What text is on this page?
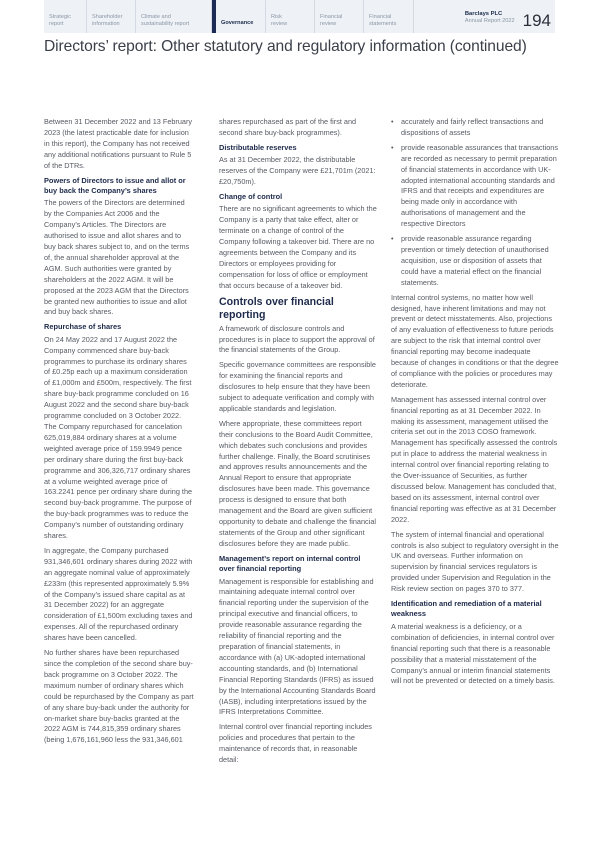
Strategic
report
Shareholder
information
Climate and
sustainability report	Governance
Risk
review
Financial
review
Financial
statements
Barclays PLC
Annual Report 2022 194
Directors’ report: Other statutory and regulatory information (continued)

Between 31 December 2022 and 13 February 2023 (the latest practicable date for inclusion in this report), the Company has not received any additional notifications pursuant to Rule 5 of the DTRs.

Powers of Directors to issue and allot or buy back the Company’s shares

The powers of the Directors are determined by the Companies Act 2006 and the Company’s Articles. The Directors are authorised to issue and allot shares and to buy back shares subject to, and on the terms of, the annual shareholder approval at the AGM. Such authorities were granted by shareholders at the 2022 AGM. It will be proposed at the 2023 AGM that the Directors be granted new authorities to issue and allot and buy back shares.

Repurchase of shares

On 24 May 2022 and 17 August 2022 the Company commenced share buy-back programmes to purchase its ordinary shares of £0.25p each up a maximum consideration of £1,000m and £500m, respectively. The first share buy-back programme concluded on 16 August 2022 and the second share buy-back programme concluded on 3 October 2022. The Company repurchased for cancelation 625,019,884 ordinary shares at a volume weighted average price of 159.9949 pence per ordinary share during the first buy-back programme and 306,326,717 ordinary shares at a volume weighted average price of 163.2241 pence per ordinary share during the second buy-back programme. The purpose of the buy-back programmes was to reduce the Company’s number of outstanding ordinary shares.

In aggregate, the Company purchased 931,346,601 ordinary shares during 2022 with an aggregate nominal value of approximately £233m (this represented approximately 5.9% of the Company’s issued share capital as at 31 December 2022) for an aggregate consideration of £1,500m excluding taxes and expenses. All of the repurchased ordinary shares have been cancelled.

No further shares have been repurchased since the completion of the second share buy-back programme on 3 October 2022. The maximum number of ordinary shares which could be repurchased by the Company as part of any share buy-back under the authority for on-market share buy-backs granted at the 2022 AGM is 744,815,359 ordinary shares (being 1,676,161,960 less the 931,346,601

shares repurchased as part of the first and second share buy-back programmes).

Distributable reserves

As at 31 December 2022, the distributable reserves of the Company were £21,701m (2021: £20,750m).

Change of control

There are no significant agreements to which the Company is a party that take effect, alter or terminate on a change of control of the Company following a takeover bid. There are no agreements between the Company and its Directors or employees providing for compensation for loss of office or employment that occurs because of a takeover bid.

Controls over financial reporting

A framework of disclosure controls and procedures is in place to support the approval of the financial statements of the Group.

Specific governance committees are responsible for examining the financial reports and disclosures to help ensure that they have been subject to adequate verification and comply with applicable standards and legislation.

Where appropriate, these committees report their conclusions to the Board Audit Committee, which debates such conclusions and provides further challenge. Finally, the Board scrutinises and approves results announcements and the Annual Report to ensure that appropriate disclosures have been made. This governance process is designed to ensure that both management and the Board are given sufficient opportunity to debate and challenge the financial statements of the Group and other significant disclosures before they are made public.

Management’s report on internal control over financial reporting

Management is responsible for establishing and maintaining adequate internal control over financial reporting under the supervision of the principal executive and financial officers, to provide reasonable assurance regarding the reliability of financial reporting and the preparation of financial statements, in accordance with (a) UK-adopted international accounting standards, and (b) International Financial Reporting Standards (IFRS) as issued by the International Accounting Standards Board (IASB), including interpretations issued by the IFRS Interpretations Committee.

Internal control over financial reporting includes policies and procedures that pertain to the maintenance of records that, in reasonable detail:

• accurately and fairly reflect transactions and dispositions of assets
• provide reasonable assurances that transactions are recorded as necessary to permit preparation of financial statements in accordance with UK-adopted international accounting standards and IFRS and that receipts and expenditures are being made only in accordance with authorisations of management and the respective Directors
• provide reasonable assurance regarding prevention or timely detection of unauthorised acquisition, use or disposition of assets that could have a material effect on the financial statements.

Internal control systems, no matter how well designed, have inherent limitations and may not prevent or detect misstatements. Also, projections of any evaluation of effectiveness to future periods are subject to the risk that internal control over financial reporting may become inadequate because of changes in conditions or that the degree of compliance with the policies or procedures may deteriorate.

Management has assessed internal control over financial reporting as at 31 December 2022. In making its assessment, management utilised the criteria set out in the 2013 COSO framework. Management has specifically assessed the controls put in place to address the material weakness in internal control over financial reporting relating to the Over-issuance of Securities, as further discussed below. Management has concluded that, based on its assessment, internal control over financial reporting was effective as at 31 December 2022.

The system of internal financial and operational controls is also subject to regulatory oversight in the UK and overseas. Further information on supervision by financial services regulators is provided under Supervision and Regulation in the Risk review section on pages 370 to 377.

Identification and remediation of a material weakness

A material weakness is a deficiency, or a combination of deficiencies, in internal control over financial reporting such that there is a reasonable possibility that a material misstatement of the Company’s annual or interim financial statements will not be prevented or detected on a timely basis.
